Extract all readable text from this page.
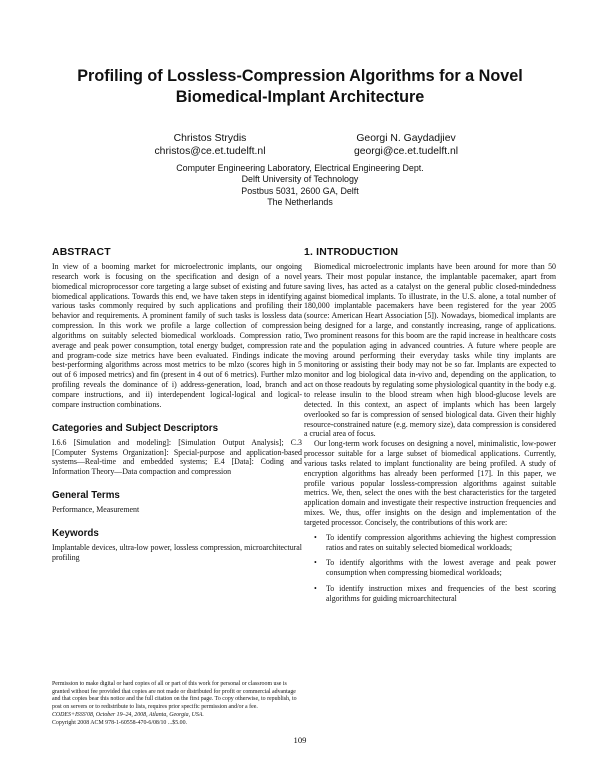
Profiling of Lossless-Compression Algorithms for a Novel
Biomedical-Implant Architecture
Christos Strydis
christos@ce.et.tudelft.nl
Georgi N. Gaydadjiev
georgi@ce.et.tudelft.nl
Computer Engineering Laboratory, Electrical Engineering Dept.
Delft University of Technology
Postbus 5031, 2600 GA, Delft
The Netherlands
ABSTRACT

In view of a booming market for microelectronic implants, our ongoing research work is focusing on the specification and design of a novel biomedical microprocessor core targeting a large subset of existing and future biomedical applications. Towards this end, we have taken steps in identifying various tasks commonly required by such applications and profiling their behavior and requirements. A prominent family of such tasks is lossless data compression. In this work we profile a large collection of compression algorithms on suitably selected biomedical workloads. Compression ratio, average and peak power consumption, total energy budget, compression rate and program-code size metrics have been evaluated. Findings indicate the best-performing algorithms across most metrics to be mlzo (scores high in 5 out of 6 imposed metrics) and fin (present in 4 out of 6 metrics). Further mlzo profiling reveals the dominance of i) address-generation, load, branch and compare instructions, and ii) interdependent logical-logical and logical-compare instruction combinations.

Categories and Subject Descriptors

I.6.6 [Simulation and modeling]: [Simulation Output Analysis]; C.3 [Computer Systems Organization]: Special-purpose and application-based systems—Real-time and embedded systems; E.4 [Data]: Coding and Information Theory—Data compaction and compression

General Terms

Performance, Measurement

Keywords

Implantable devices, ultra-low power, lossless compression, microarchitectural profiling

Permission to make digital or hard copies of all or part of this work for personal or classroom use is granted without fee provided that copies are not made or distributed for profit or commercial advantage and that copies bear this notice and the full citation on the first page. To copy otherwise, to republish, to post on servers or to redistribute to lists, requires prior specific permission and/or a fee.
CODES+ISSS'08, October 19–24, 2008, Atlanta, Georgia, USA.
Copyright 2008 ACM 978-1-60558-470-6/08/10 ...$5.00.
1. INTRODUCTION

Biomedical microelectronic implants have been around for more than 50 years. Their most popular instance, the implantable pacemaker, apart from saving lives, has acted as a catalyst on the general public closed-mindedness against biomedical implants. To illustrate, in the U.S. alone, a total number of 180,000 implantable pacemakers have been registered for the year 2005 (source: American Heart Association [5]). Nowadays, biomedical implants are being designed for a large, and constantly increasing, range of applications. Two prominent reasons for this boom are the rapid increase in healthcare costs and the population aging in advanced countries. A future where people are moving around performing their everyday tasks while tiny implants are monitoring or assisting their body may not be so far. Implants are expected to monitor and log biological data in-vivo and, depending on the application, to act on those readouts by regulating some physiological quantity in the body e.g. to release insulin to the blood stream when high blood-glucose levels are detected. In this context, an aspect of implants which has been largely overlooked so far is compression of sensed biological data. Given their highly resource-constrained nature (e.g. memory size), data compression is considered a crucial area of focus.

Our long-term work focuses on designing a novel, minimalistic, low-power processor suitable for a large subset of biomedical applications. Currently, various tasks related to implant functionality are being profiled. A study of encryption algorithms has already been performed [17]. In this paper, we profile various popular lossless-compression algorithms against suitable metrics. We, then, select the ones with the best characteristics for the targeted application domain and investigate their respective instruction frequencies and mixes. We, thus, offer insights on the design and implementation of the targeted processor. Concisely, the contributions of this work are:

• To identify compression algorithms achieving the highest compression ratios and rates on suitably selected biomedical workloads;
• To identify algorithms with the lowest average and peak power consumption when compressing biomedical workloads;
• To identify instruction mixes and frequencies of the best scoring algorithms for guiding microarchitectural
109
